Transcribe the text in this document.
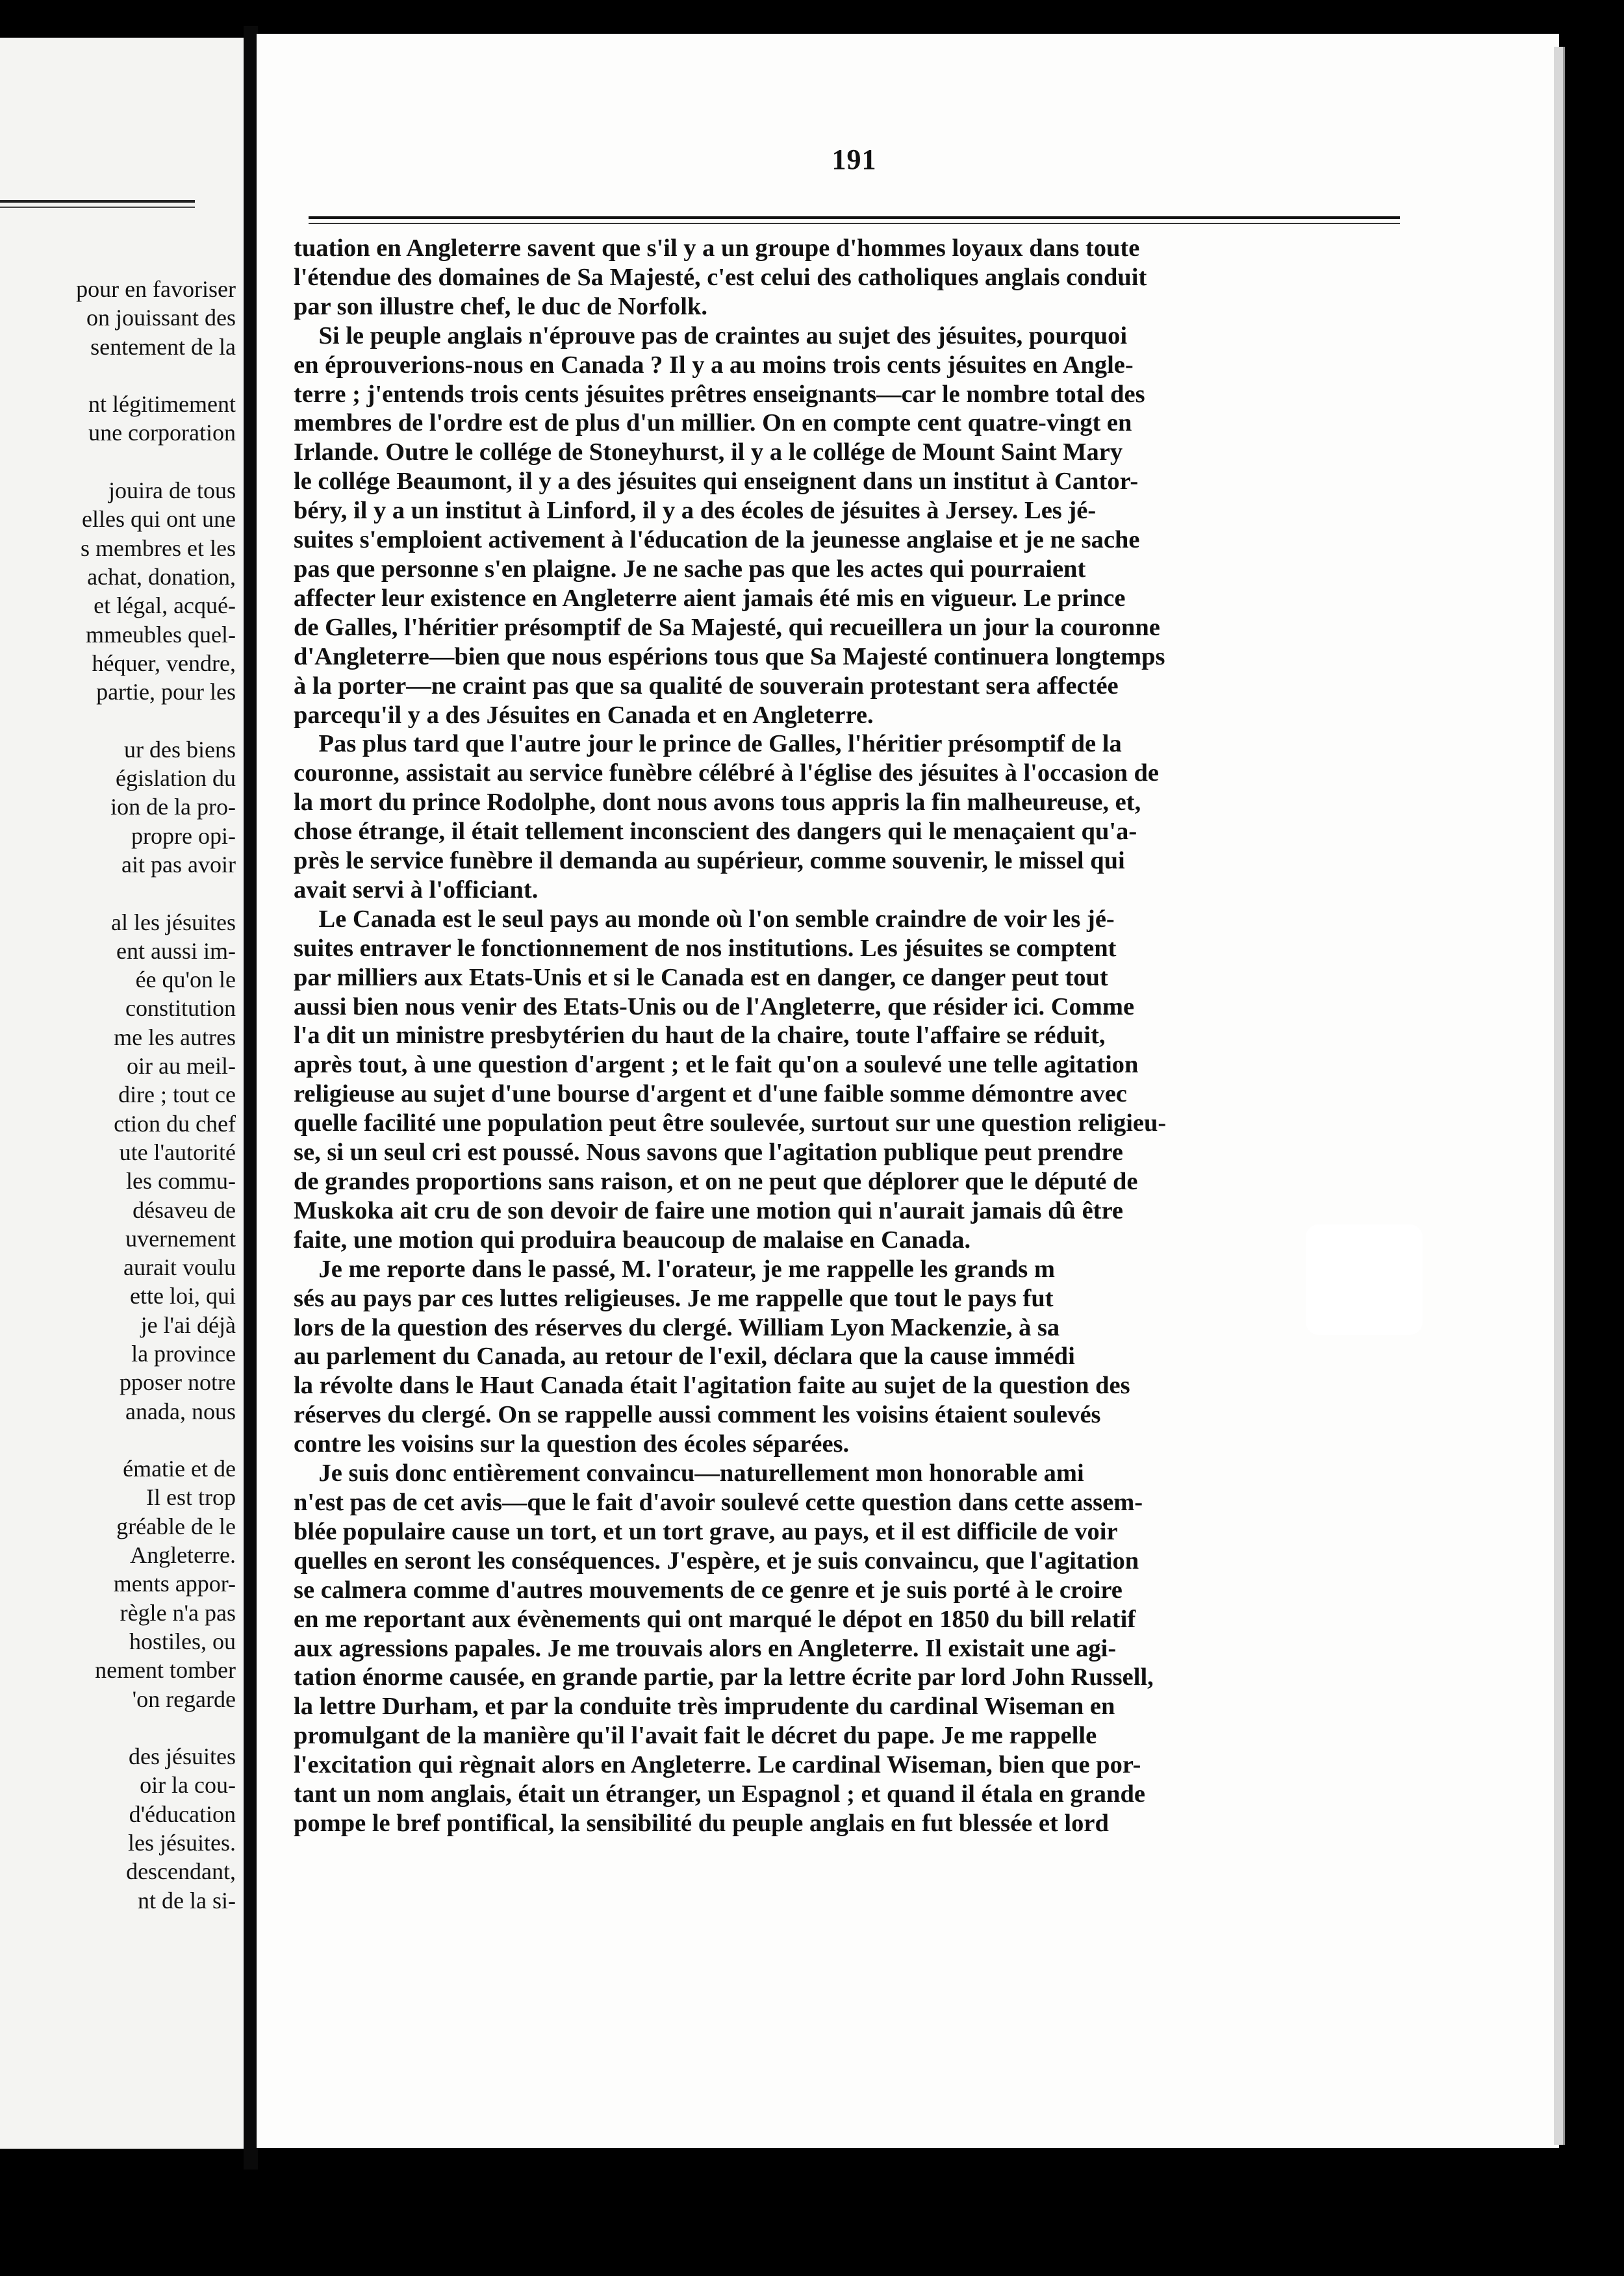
pour en favoriser
on jouissant des
sentement de la

nt légitimement
une corporation

jouira de tous
elles qui ont une
s membres et les
achat, donation,
et légal, acqué-
mmeubles quel-
héquer, vendre,
partie, pour les

ur des biens
égislation du
ion de la pro-
propre opi-
ait pas avoir

al les jésuites
ent aussi im-
ée qu'on le
constitution
me les autres
oir au meil-
dire ; tout ce
ction du chef
ute l'autorité
les commu-
désaveu de
uvernement
aurait voulu
ette loi, qui
je l'ai déjà
la province
pposer notre
anada, nous

ématie et de
Il est trop
gréable de le
Angleterre.
ments appor-
règle n'a pas
hostiles, ou
nement tomber
'on regarde

des jésuites
oir la cou-
d'éducation
les jésuites.
descendant,
nt de la si-
191
tuation en Angleterre savent que s'il y a un groupe d'hommes loyaux dans toute
l'étendue des domaines de Sa Majesté, c'est celui des catholiques anglais conduit
par son illustre chef, le duc de Norfolk.
Si le peuple anglais n'éprouve pas de craintes au sujet des jésuites, pourquoi
en éprouverions-nous en Canada ? Il y a au moins trois cents jésuites en Angle-
terre ; j'entends trois cents jésuites prêtres enseignants—car le nombre total des
membres de l'ordre est de plus d'un millier. On en compte cent quatre-vingt en
Irlande. Outre le collége de Stoneyhurst, il y a le collége de Mount Saint Mary
le collége Beaumont, il y a des jésuites qui enseignent dans un institut à Cantor-
béry, il y a un institut à Linford, il y a des écoles de jésuites à Jersey. Les jé-
suites s'emploient activement à l'éducation de la jeunesse anglaise et je ne sache
pas que personne s'en plaigne. Je ne sache pas que les actes qui pourraient
affecter leur existence en Angleterre aient jamais été mis en vigueur. Le prince
de Galles, l'héritier présomptif de Sa Majesté, qui recueillera un jour la couronne
d'Angleterre—bien que nous espérions tous que Sa Majesté continuera longtemps
à la porter—ne craint pas que sa qualité de souverain protestant sera affectée
parcequ'il y a des Jésuites en Canada et en Angleterre.
Pas plus tard que l'autre jour le prince de Galles, l'héritier présomptif de la
couronne, assistait au service funèbre célébré à l'église des jésuites à l'occasion de
la mort du prince Rodolphe, dont nous avons tous appris la fin malheureuse, et,
chose étrange, il était tellement inconscient des dangers qui le menaçaient qu'a-
près le service funèbre il demanda au supérieur, comme souvenir, le missel qui
avait servi à l'officiant.
Le Canada est le seul pays au monde où l'on semble craindre de voir les jé-
suites entraver le fonctionnement de nos institutions. Les jésuites se comptent
par milliers aux Etats-Unis et si le Canada est en danger, ce danger peut tout
aussi bien nous venir des Etats-Unis ou de l'Angleterre, que résider ici. Comme
l'a dit un ministre presbytérien du haut de la chaire, toute l'affaire se réduit,
après tout, à une question d'argent ; et le fait qu'on a soulevé une telle agitation
religieuse au sujet d'une bourse d'argent et d'une faible somme démontre avec
quelle facilité une population peut être soulevée, surtout sur une question religieu-
se, si un seul cri est poussé. Nous savons que l'agitation publique peut prendre
de grandes proportions sans raison, et on ne peut que déplorer que le député de
Muskoka ait cru de son devoir de faire une motion qui n'aurait jamais dû être
faite, une motion qui produira beaucoup de malaise en Canada.
Je me reporte dans le passé, M. l'orateur, je me rappelle les grands m
sés au pays par ces luttes religieuses. Je me rappelle que tout le pays fut
lors de la question des réserves du clergé. William Lyon Mackenzie, à sa
au parlement du Canada, au retour de l'exil, déclara que la cause immédi
la révolte dans le Haut Canada était l'agitation faite au sujet de la question des
réserves du clergé. On se rappelle aussi comment les voisins étaient soulevés
contre les voisins sur la question des écoles séparées.
Je suis donc entièrement convaincu—naturellement mon honorable ami
n'est pas de cet avis—que le fait d'avoir soulevé cette question dans cette assem-
blée populaire cause un tort, et un tort grave, au pays, et il est difficile de voir
quelles en seront les conséquences. J'espère, et je suis convaincu, que l'agitation
se calmera comme d'autres mouvements de ce genre et je suis porté à le croire
en me reportant aux évènements qui ont marqué le dépot en 1850 du bill relatif
aux agressions papales. Je me trouvais alors en Angleterre. Il existait une agi-
tation énorme causée, en grande partie, par la lettre écrite par lord John Russell,
la lettre Durham, et par la conduite très imprudente du cardinal Wiseman en
promulgant de la manière qu'il l'avait fait le décret du pape. Je me rappelle
l'excitation qui règnait alors en Angleterre. Le cardinal Wiseman, bien que por-
tant un nom anglais, était un étranger, un Espagnol ; et quand il étala en grande
pompe le bref pontifical, la sensibilité du peuple anglais en fut blessée et lord
